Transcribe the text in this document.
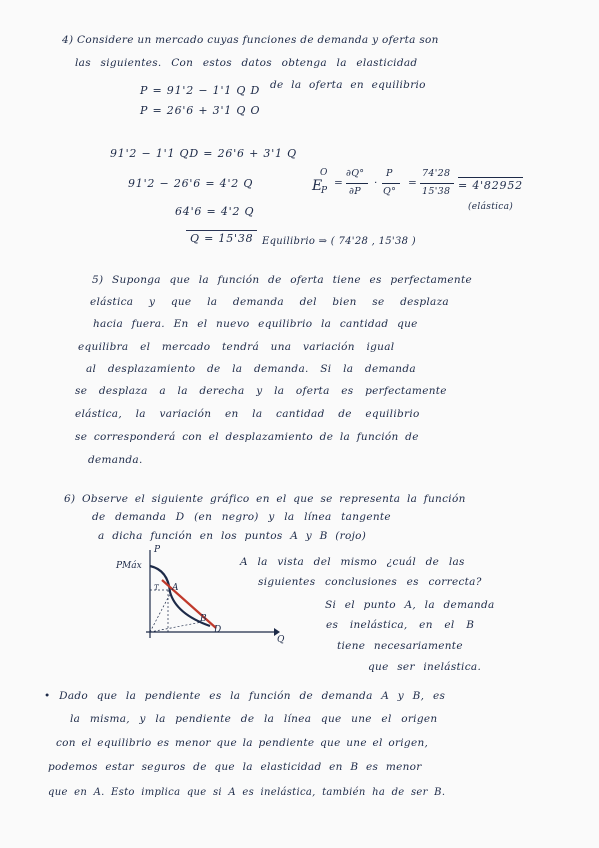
4) Considere un mercado cuyas funciones de demanda y oferta son
las siguientes. Con estos datos obtenga la elasticidad
de la oferta en equilibrio
P = 91'2 − 1'1 Q D
P = 26'6 + 3'1 Q O
91'2 − 1'1 QD = 26'6 + 3'1 Q
91'2 − 26'6 = 4'2 Q
64'6 = 4'2 Q
Q = 15'38 Equilibrio ⇒ ( 74'28 , 15'38 )
E
O
P
=
∂Q°
∂P
·
P
Q°
=
74'28
15'38 = 4'82952
(elástica)
5) Suponga que la función de oferta tiene es perfectamente
elástica y que la demanda del bien se desplaza
hacia fuera. En el nuevo equilibrio la cantidad que
equilibra el mercado tendrá una variación igual
al desplazamiento de la demanda. Si la demanda
se desplaza a la derecha y la oferta es perfectamente
elástica, la variación en la cantidad de equilibrio
se corresponderá con el desplazamiento de la función de
demanda.
6) Observe el siguiente gráfico en el que se representa la función
de demanda D (en negro) y la línea tangente
a dicha función en los puntos A y B (rojo)
A la vista del mismo ¿cuál de las
siguientes conclusiones es correcta?
Si el punto A, la demanda
es inelástica, en el B
tiene necesariamente
que ser inelástica.
PMáx
P
Q
A
T
B
D
• Dado que la pendiente es la función de demanda A y B, es
la misma, y la pendiente de la línea que une el origen
con el equilibrio es menor que la pendiente que une el origen,
podemos estar seguros de que la elasticidad en B es menor
que en A. Esto implica que si A es inelástica, también ha de ser B.
